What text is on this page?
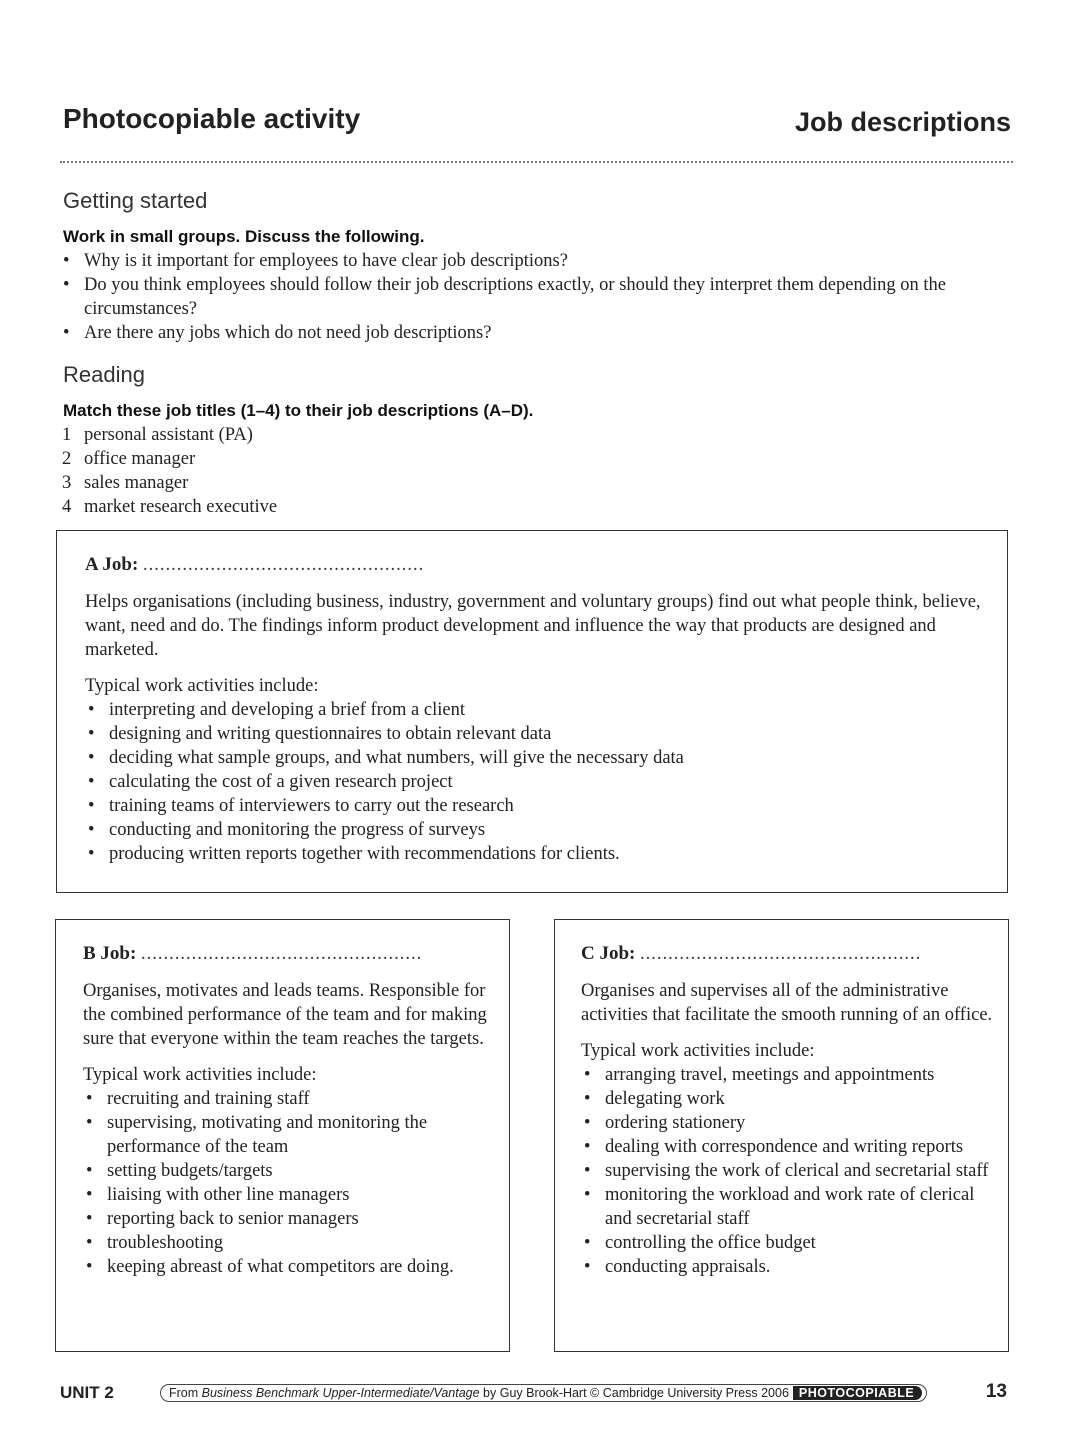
Photocopiable activity	Job descriptions
Getting started
Work in small groups. Discuss the following.
• Why is it important for employees to have clear job descriptions?
• Do you think employees should follow their job descriptions exactly, or should they interpret them depending on the circumstances?
• Are there any jobs which do not need job descriptions?
Reading
Match these job titles (1–4) to their job descriptions (A–D).
1 personal assistant (PA)
2 office manager
3 sales manager
4 market research executive
A Job: ..................................................

Helps organisations (including business, industry, government and voluntary groups) find out what people think, believe, want, need and do. The findings inform product development and influence the way that products are designed and marketed.

Typical work activities include:
• interpreting and developing a brief from a client
• designing and writing questionnaires to obtain relevant data
• deciding what sample groups, and what numbers, will give the necessary data
• calculating the cost of a given research project
• training teams of interviewers to carry out the research
• conducting and monitoring the progress of surveys
• producing written reports together with recommendations for clients.
B Job: ..................................................

Organises, motivates and leads teams. Responsible for the combined performance of the team and for making sure that everyone within the team reaches the targets.

Typical work activities include:
• recruiting and training staff
• supervising, motivating and monitoring the performance of the team
• setting budgets/targets
• liaising with other line managers
• reporting back to senior managers
• troubleshooting
• keeping abreast of what competitors are doing.
C Job: ..................................................

Organises and supervises all of the administrative activities that facilitate the smooth running of an office.

Typical work activities include:
• arranging travel, meetings and appointments
• delegating work
• ordering stationery
• dealing with correspondence and writing reports
• supervising the work of clerical and secretarial staff
• monitoring the workload and work rate of clerical and secretarial staff
• controlling the office budget
• conducting appraisals.
UNIT 2	From Business Benchmark Upper-Intermediate/Vantage by Guy Brook-Hart © Cambridge University Press 2006 PHOTOCOPIABLE	13
